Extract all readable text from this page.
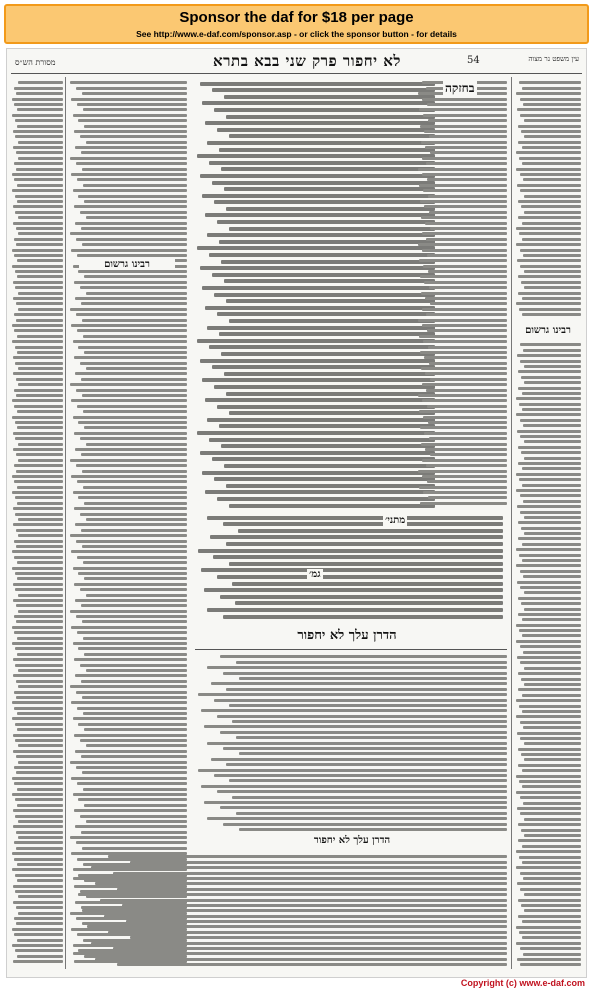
Sponsor the daf for $18 per page
See http://www.e-daf.com/sponsor.asp - or click the sponsor button - for details
54
לא יחפור פרק שני בבא בתרא
מסורת הש״ס	עין משפט נר מצוה
רבינו גרשום
הדרן עלך לא יחפור
בחזקה
רבינו גרשום
הדרן עלך לא יחפור
מתני׳
גמ׳
Copyright (c) www.e-daf.com
